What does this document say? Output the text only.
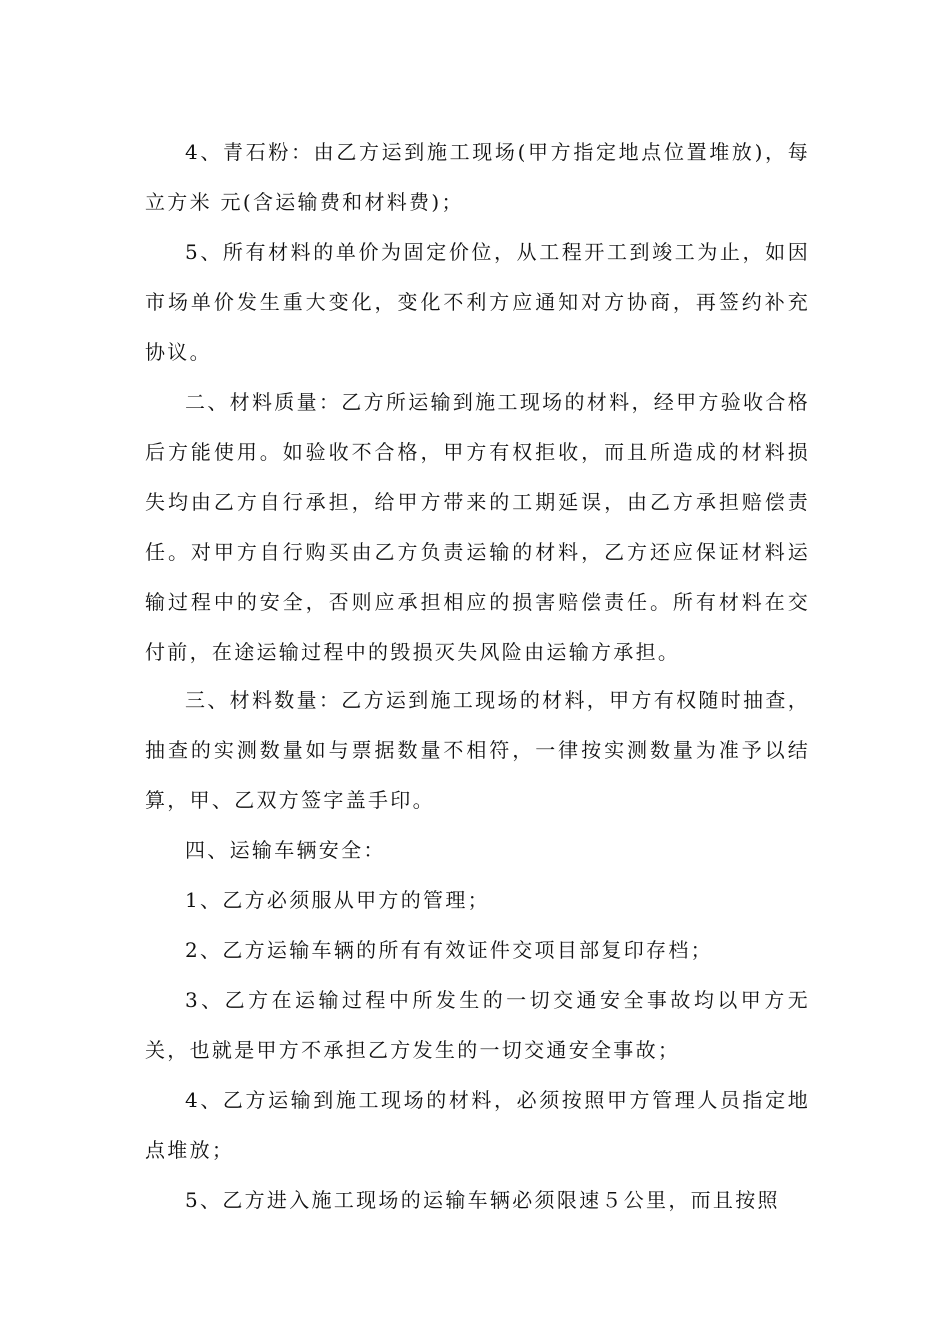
4、青石粉：由乙方运到施工现场(甲方指定地点位置堆放)，每立方米 元(含运输费和材料费)；

5、所有材料的单价为固定价位，从工程开工到竣工为止，如因市场单价发生重大变化，变化不利方应通知对方协商，再签约补充协议。

二、材料质量：乙方所运输到施工现场的材料，经甲方验收合格后方能使用。如验收不合格，甲方有权拒收，而且所造成的材料损失均由乙方自行承担，给甲方带来的工期延误，由乙方承担赔偿责任。对甲方自行购买由乙方负责运输的材料，乙方还应保证材料运输过程中的安全，否则应承担相应的损害赔偿责任。所有材料在交付前，在途运输过程中的毁损灭失风险由运输方承担。

三、材料数量：乙方运到施工现场的材料，甲方有权随时抽查，抽查的实测数量如与票据数量不相符，一律按实测数量为准予以结算，甲、乙双方签字盖手印。

四、运输车辆安全：

1、乙方必须服从甲方的管理；

2、乙方运输车辆的所有有效证件交项目部复印存档；

3、乙方在运输过程中所发生的一切交通安全事故均以甲方无关，也就是甲方不承担乙方发生的一切交通安全事故；

4、乙方运输到施工现场的材料，必须按照甲方管理人员指定地点堆放；

5、乙方进入施工现场的运输车辆必须限速５公里，而且按照
